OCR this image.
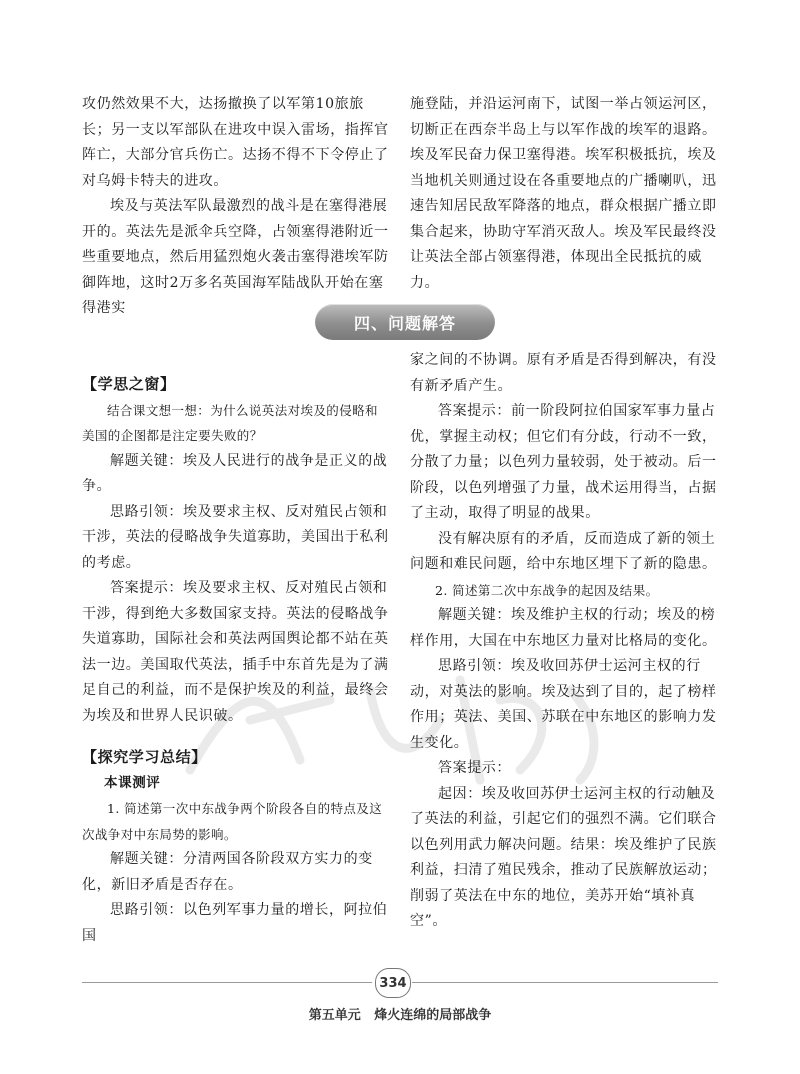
攻仍然效果不大，达扬撤换了以军第10旅旅长；另一支以军部队在进攻中误入雷场，指挥官阵亡，大部分官兵伤亡。达扬不得不下令停止了对乌姆卡特夫的进攻。

埃及与英法军队最激烈的战斗是在塞得港展开的。英法先是派伞兵空降，占领塞得港附近一些重要地点，然后用猛烈炮火袭击塞得港埃军防御阵地，这时2万多名英国海军陆战队开始在塞得港实

施登陆，并沿运河南下，试图一举占领运河区，切断正在西奈半岛上与以军作战的埃军的退路。埃及军民奋力保卫塞得港。埃军积极抵抗，埃及当地机关则通过设在各重要地点的广播喇叭，迅速告知居民敌军降落的地点，群众根据广播立即集合起来，协助守军消灭敌人。埃及军民最终没让英法全部占领塞得港，体现出全民抵抗的威力。

四、问题解答

【学思之窗】

结合课文想一想：为什么说英法对埃及的侵略和美国的企图都是注定要失败的？

解题关键：埃及人民进行的战争是正义的战争。

思路引领：埃及要求主权、反对殖民占领和干涉，英法的侵略战争失道寡助，美国出于私利的考虑。

答案提示：埃及要求主权、反对殖民占领和干涉，得到绝大多数国家支持。英法的侵略战争失道寡助，国际社会和英法两国舆论都不站在英法一边。美国取代英法，插手中东首先是为了满足自己的利益，而不是保护埃及的利益，最终会为埃及和世界人民识破。

【探究学习总结】

本课测评

1. 简述第一次中东战争两个阶段各自的特点及这次战争对中东局势的影响。

解题关键：分清两国各阶段双方实力的变化，新旧矛盾是否存在。

思路引领：以色列军事力量的增长，阿拉伯国

家之间的不协调。原有矛盾是否得到解决，有没有新矛盾产生。

答案提示：前一阶段阿拉伯国家军事力量占优，掌握主动权；但它们有分歧，行动不一致，分散了力量；以色列力量较弱，处于被动。后一阶段，以色列增强了力量，战术运用得当，占据了主动，取得了明显的战果。

没有解决原有的矛盾，反而造成了新的领土问题和难民问题，给中东地区埋下了新的隐患。

2. 简述第二次中东战争的起因及结果。

解题关键：埃及维护主权的行动；埃及的榜样作用，大国在中东地区力量对比格局的变化。

思路引领：埃及收回苏伊士运河主权的行动，对英法的影响。埃及达到了目的，起了榜样作用；英法、美国、苏联在中东地区的影响力发生变化。

答案提示：

起因：埃及收回苏伊士运河主权的行动触及了英法的利益，引起它们的强烈不满。它们联合以色列用武力解决问题。结果：埃及维护了民族利益，扫清了殖民残余，推动了民族解放运动；削弱了英法在中东的地位，美苏开始“填补真空”。

334
第五单元   烽火连绵的局部战争
